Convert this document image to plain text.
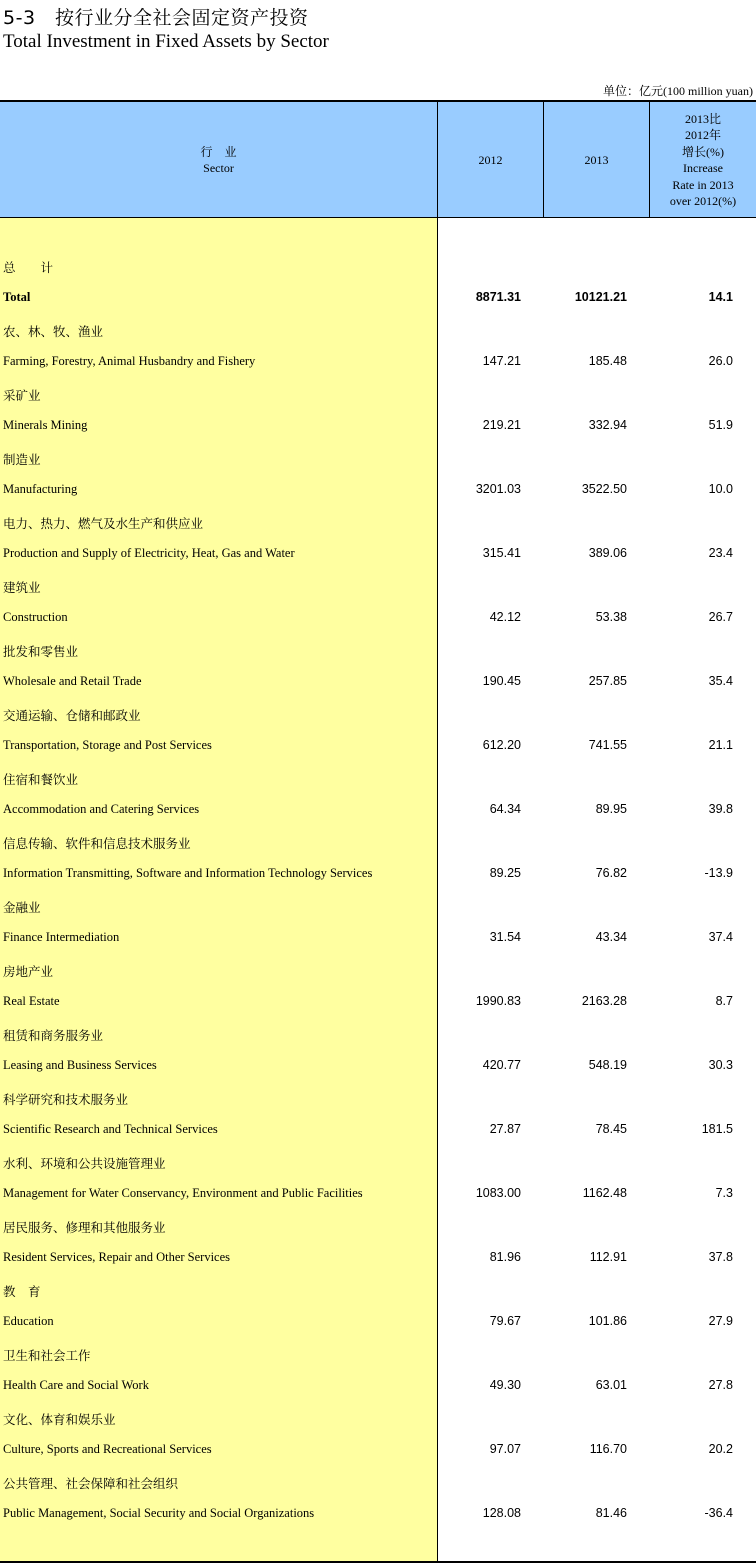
5-3　按行业分全社会固定资产投资
Total Investment in Fixed Assets by Sector
单位：亿元(100 million yuan)
行　业
Sector
2012	2013
2013比
2012年
增长(%)
Increase
Rate in 2013
over 2012(%)
总　　计
Total	8871.31	10121.21	14.1
农、林、牧、渔业
Farming, Forestry, Animal Husbandry and Fishery	147.21	185.48	26.0
采矿业
Minerals Mining	219.21	332.94	51.9
制造业
Manufacturing	3201.03	3522.50	10.0
电力、热力、燃气及水生产和供应业
Production and Supply of Electricity, Heat, Gas and Water	315.41	389.06	23.4
建筑业
Construction	42.12	53.38	26.7
批发和零售业
Wholesale and Retail Trade	190.45	257.85	35.4
交通运输、仓储和邮政业
Transportation, Storage and Post Services	612.20	741.55	21.1
住宿和餐饮业
Accommodation and Catering Services	64.34	89.95	39.8
信息传输、软件和信息技术服务业
Information Transmitting, Software and Information Technology Services	89.25	76.82	-13.9
金融业
Finance Intermediation	31.54	43.34	37.4
房地产业
Real Estate	1990.83	2163.28	8.7
租赁和商务服务业
Leasing and Business Services	420.77	548.19	30.3
科学研究和技术服务业
Scientific Research and Technical Services	27.87	78.45	181.5
水利、环境和公共设施管理业
Management for Water Conservancy, Environment and Public Facilities	1083.00	1162.48	7.3
居民服务、修理和其他服务业
Resident Services, Repair and Other Services	81.96	112.91	37.8
教　育
Education	79.67	101.86	27.9
卫生和社会工作
Health Care and Social Work	49.30	63.01	27.8
文化、体育和娱乐业
Culture, Sports and Recreational Services	97.07	116.70	20.2
公共管理、社会保障和社会组织
Public Management, Social Security and Social Organizations	128.08	81.46	-36.4
